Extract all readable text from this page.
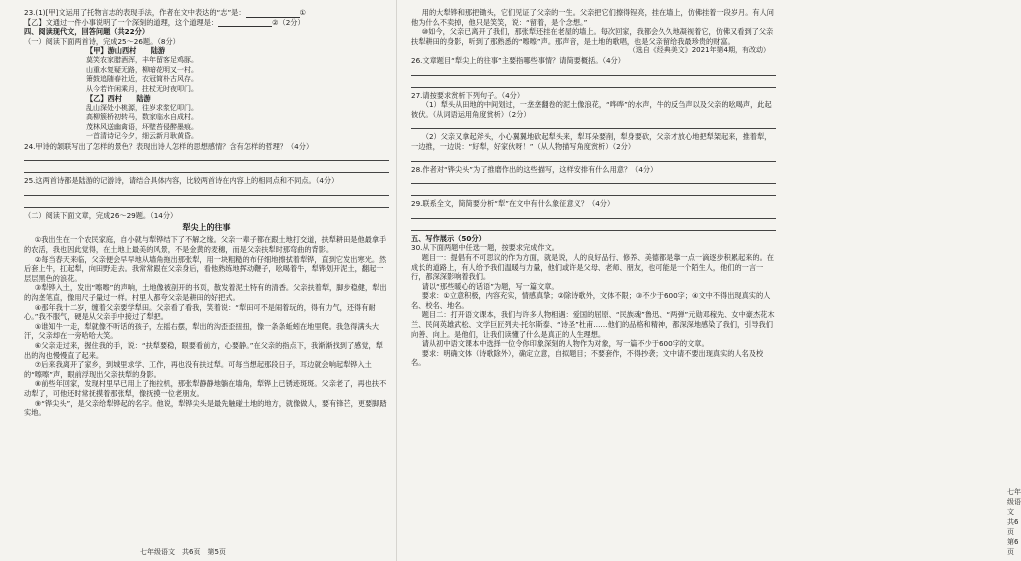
23.(1)[甲]文运用了托物言志的表现手法，作者在文中表达的“志”是：	①
【乙】文通过一件小事说明了一个深刻的道理，这个道理是：	②（2分）
四、阅读现代文，回答问题（共22分）
（一）阅读下面两首诗，完成25～26题。（8分）
【甲】游山西村　　陆游
莫笑农家腊酒浑，丰年留客足鸡豚。
山重水复疑无路，柳暗花明又一村。
箫鼓追随春社近，衣冠简朴古风存。
从今若许闲乘月，拄杖无时夜叩门。
【乙】西村　　陆游
乱山深处小桃源，往岁求浆忆叩门。
高柳簇桥初转马，数家临水自成村。
茂林风送幽禽语，坏壁苔侵醉墨痕。
一首清诗记今夕，细云新月耿黄昏。
24.甲诗的颔联写出了怎样的景色？表现出诗人怎样的思想感情？含有怎样的哲理？（4分）
25.这两首诗都是陆游的记游诗，请结合具体内容，比较两首诗在内容上的相同点和不同点。（4分）
（二）阅读下面文章，完成26～29题。（14分）
犁尖上的往事
①我出生在一个农民家庭，自小就与犁铧结下了不解之缘。父亲一辈子都在跟土地打交道，扶犁耕田是他最拿手的农活，我也因此觉得，在土地上最美的风景，不是金黄的麦穗，而是父亲扶犁时那弯曲的背影。
②每当春天来临，父亲便会早早地从墙角拖出那张犁，用一块粗糙的布仔细地擦拭着犁铧，直到它发出寒光。然后套上牛，扛起犁，向田野走去。我常常跟在父亲身后，看他熟练地挥动鞭子，吆喝着牛，犁铧划开泥土，翻起一层层黑色的浪花。
③犁铧入土，发出“嚓嚓”的声响，土地像被剖开的书页，散发着泥土特有的清香。父亲扶着犁，脚步稳健，犁出的沟垄笔直，像用尺子量过一样。村里人都夸父亲是耕田的好把式。
④那年我十二岁，缠着父亲要学犁田。父亲看了看我，笑着说：“犁田可不是闹着玩的，得有力气，还得有耐心。”我不服气，硬是从父亲手中接过了犁把。
⑤谁知牛一走，犁就像不听话的孩子，左摇右摆，犁出的沟歪歪扭扭，像一条条蚯蚓在地里爬。我急得满头大汗，父亲却在一旁哈哈大笑。
⑥父亲走过来，握住我的手，说：“扶犁要稳，眼要看前方，心要静。”在父亲的指点下，我渐渐找到了感觉，犁出的沟也慢慢直了起来。
⑦后来我离开了家乡，到城里求学、工作，再也没有扶过犁。可每当想起那段日子，耳边就会响起犁铧入土的“嚓嚓”声，眼前浮现出父亲扶犁的身影。
⑧前些年回家，发现村里早已用上了拖拉机，那张犁静静地躺在墙角，犁铧上已锈迹斑斑。父亲老了，再也扶不动犁了，可他还时常抚摸着那张犁，像抚摸一位老朋友。
⑨“铧尖头”，是父亲给犁铧起的名字。他说，犁铧尖头是最先触碰土地的地方，就像做人，要有锋芒，更要脚踏实地。
七年级语文　共6页　第5页
用的大犁铧和那把锄头，它们见证了父亲的一生。父亲把它们擦得锃亮，挂在墙上，仿佛挂着一段岁月。有人问他为什么不卖掉，他只是笑笑，说：“留着，是个念想。”
⑩如今，父亲已离开了我们，那张犁还挂在老屋的墙上。每次回家，我都会久久地凝视着它，仿佛又看到了父亲扶犁耕田的身影，听到了那熟悉的“嚓嚓”声。那声音，是土地的歌唱，也是父亲留给我最珍贵的财富。
（选自《经典美文》2021年第4期，有改动）
26.文章题目“犁尖上的往事”主要指哪些事情？请简要概括。（4分）
27.请按要求赏析下列句子。（4分）
（1）犁头从田地的中间划过，一垄垄翻卷的泥土像浪花，“哗哗”的水声，牛的反刍声以及父亲的吆喝声，此起彼伏。（从词语运用角度赏析）（2分）
（2）父亲又拿起斧头，小心翼翼地砍起犁头来，犁耳朵要削，犁身要砍，父亲才放心地把犁架起来，推着犁，一边推，一边说：“好犁，好家伙呀！”（从人物描写角度赏析）（2分）
28.作者对“铧尖头”为了推磨作出的这些描写，这样安排有什么用意？（4分）
29.联系全文，简简要分析“犁”在文中有什么象征意义？（4分）
五、写作展示（50分）
30.从下面两题中任选一题，按要求完成作文。
题目一：提倡有不可思议的作为方面，就是说，人的良好品行、修养、美德都是靠一点一滴逐步积累起来的。在成长的道路上，有人给予我们温暖与力量，他们或许是父母、老师、朋友，也可能是一个陌生人，他们的一言一行，都深深影响着我们。
请以“那些暖心的话语”为题，写一篇文章。
要求：①立意积极，内容充实，情感真挚；②除诗歌外，文体不限；③不少于600字；④文中不得出现真实的人名、校名、地名。
题目二：打开语文课本，我们与许多人物相遇：爱国的屈原、“民族魂”鲁迅、“两弹”元勋邓稼先、女中豪杰花木兰、民间英雄武松、文学巨匠列夫·托尔斯泰、“诗圣”杜甫……他们的品格和精神，都深深地感染了我们，引导我们向善、向上。是他们，让我们读懂了什么是真正的人生理想。
请从初中语文课本中选择一位令你印象深刻的人物作为对象，写一篇不少于600字的文章。
要求：明确文体（诗歌除外），确定立意，自拟题目；不要套作，不得抄袭；文中请不要出现真实的人名及校名。
七年级语文　共6页　第6页
